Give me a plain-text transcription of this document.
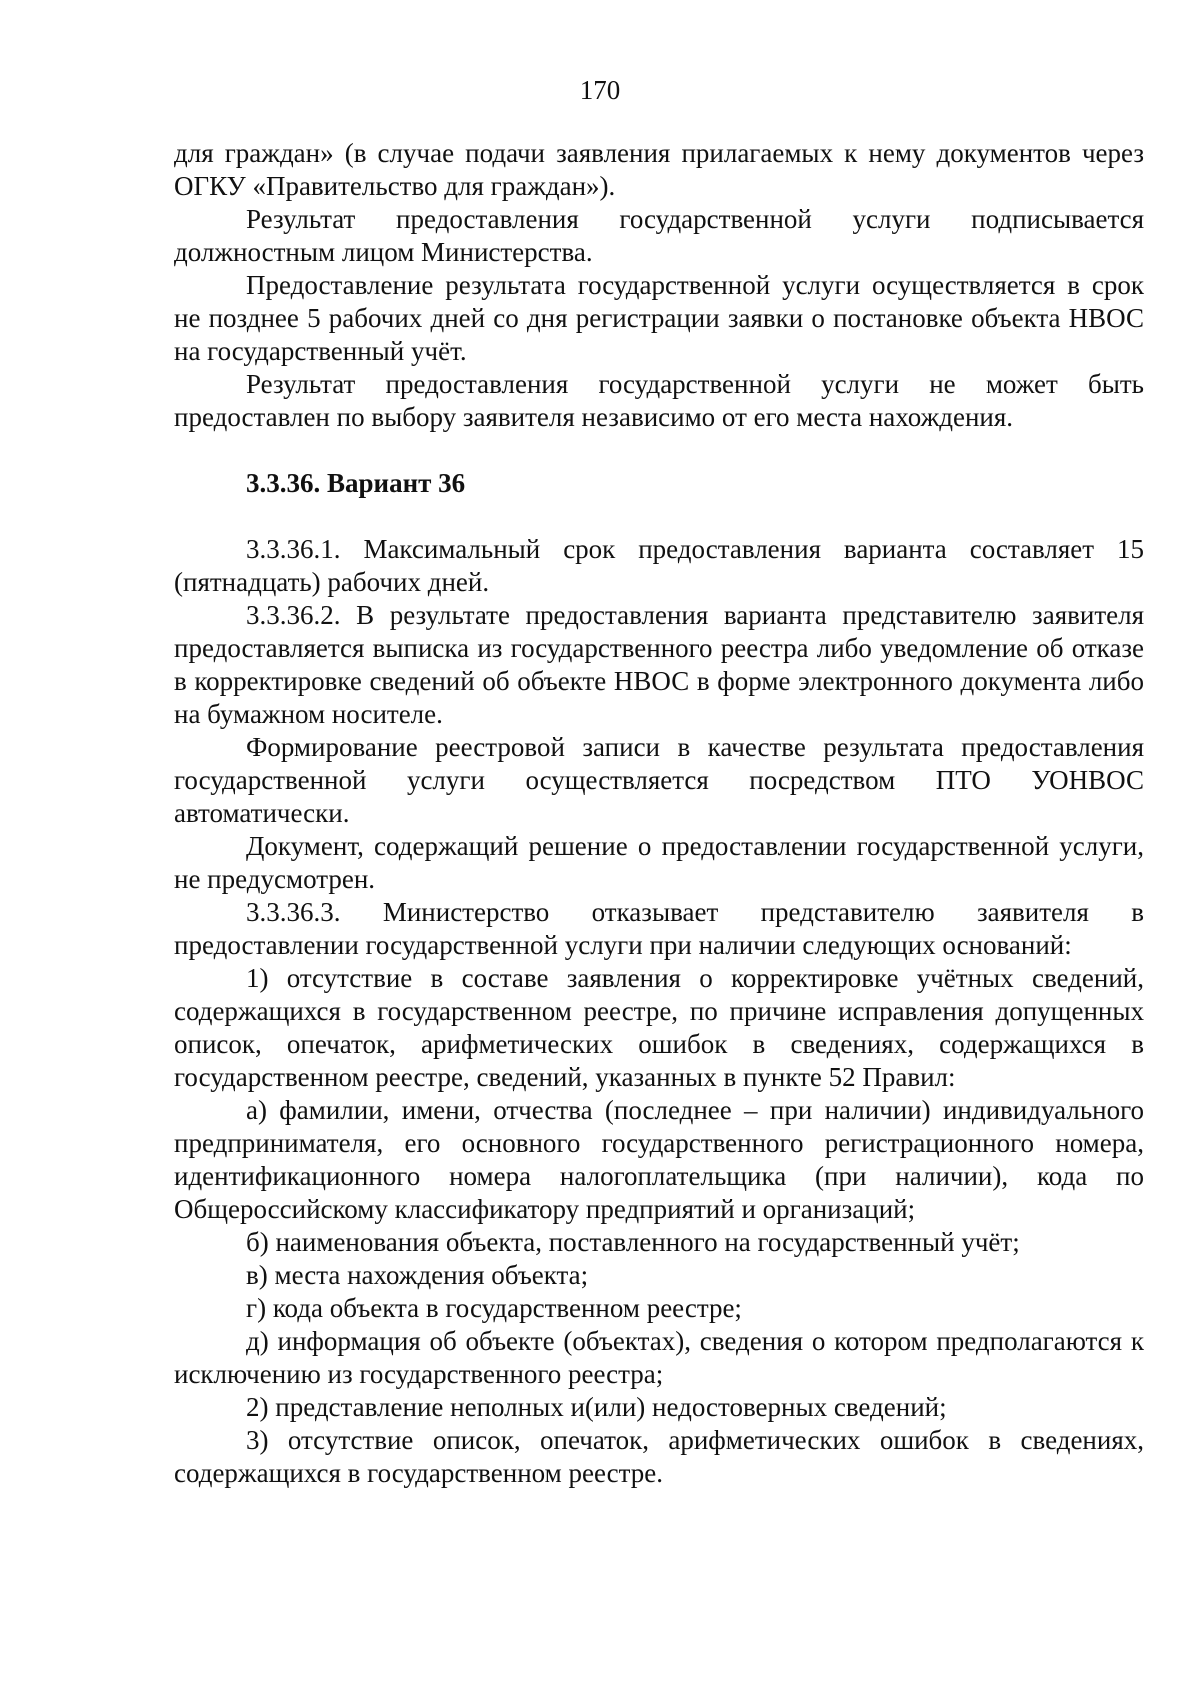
170

для граждан» (в случае подачи заявления прилагаемых к нему документов через ОГКУ «Правительство для граждан»).

Результат предоставления государственной услуги подписывается должностным лицом Министерства.

Предоставление результата государственной услуги осуществляется в срок не позднее 5 рабочих дней со дня регистрации заявки о постановке объекта НВОС на государственный учёт.

Результат предоставления государственной услуги не может быть предоставлен по выбору заявителя независимо от его места нахождения.

3.3.36. Вариант 36

3.3.36.1. Максимальный срок предоставления варианта составляет 15 (пятнадцать) рабочих дней.

3.3.36.2. В результате предоставления варианта представителю заявителя предоставляется выписка из государственного реестра либо уведомление об отказе в корректировке сведений об объекте НВОС в форме электронного документа либо на бумажном носителе.

Формирование реестровой записи в качестве результата предоставления государственной услуги осуществляется посредством ПТО УОНВОС автоматически.

Документ, содержащий решение о предоставлении государственной услуги, не предусмотрен.

3.3.36.3. Министерство отказывает представителю заявителя в предоставлении государственной услуги при наличии следующих оснований:

1) отсутствие в составе заявления о корректировке учётных сведений, содержащихся в государственном реестре, по причине исправления допущенных описок, опечаток, арифметических ошибок в сведениях, содержащихся в государственном реестре, сведений, указанных в пункте 52 Правил:

а) фамилии, имени, отчества (последнее – при наличии) индивидуального предпринимателя, его основного государственного регистрационного номера, идентификационного номера налогоплательщика (при наличии), кода по Общероссийскому классификатору предприятий и организаций;

б) наименования объекта, поставленного на государственный учёт;

в) места нахождения объекта;

г) кода объекта в государственном реестре;

д) информация об объекте (объектах), сведения о котором предполагаются к исключению из государственного реестра;

2) представление неполных и(или) недостоверных сведений;

3) отсутствие описок, опечаток, арифметических ошибок в сведениях, содержащихся в государственном реестре.
